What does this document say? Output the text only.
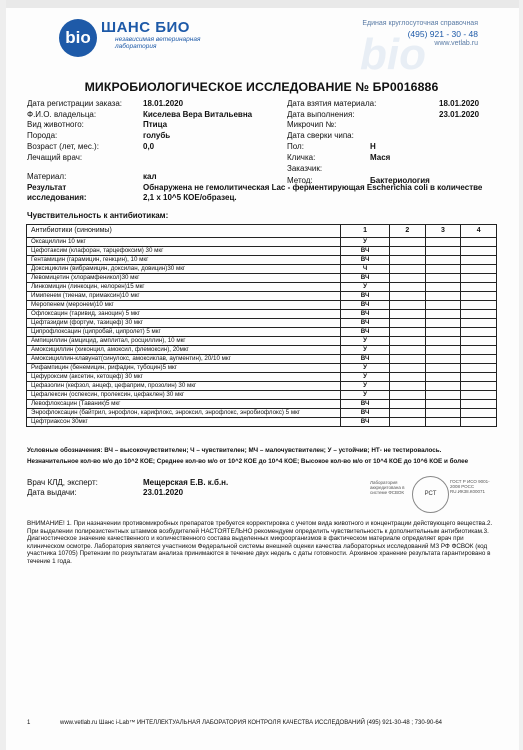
bio
ШАНС БИО
независимая ветеринарная лаборатория	bio
Единая круглосуточная справочная
(495) 921 - 30 - 48
www.vetlab.ru
МИКРОБИОЛОГИЧЕСКОЕ ИССЛЕДОВАНИЕ № БР0016886
Дата регистрации заказа:	18.01.2020
Ф.И.О. владельца:	Киселева Вера Витальевна
Вид животного:	Птица
Порода:	голубь
Возраст (лет, мес.):	0,0
Лечащий врач:
Дата взятия материала:	18.01.2020
Дата выполнения:	23.01.2020
Микрочип №:
Дата сверки чипа:
Пол:	Н
Кличка:	Мася
Заказчик:
Материал:	кал	Метод:	Бактериология
Результат исследования:
Обнаружена не гемолитическая Lac - ферментирующая Escherichia coli в количестве 2,1 х 10^5 КОЕ/образец.
Чувствительность к антибиотикам:
Антибиотики (синонимы)	1	2	3	4
Оксациллин 10 мкг	У			
Цефотаксим (клафоран, тарцефоксим) 30 мкг	ВЧ			
Гентамицин (гарамицин, генкцин), 10 мкг	ВЧ			
Доксициклин (вибрамицин, доксилан, довицин)30 мкг	Ч			
Левомицетин (хлорамфеникол)30 мкг	ВЧ			
Линкомицин (линкоцин, нелорен)15 мкг	У			
Имипенем (тиенам, примаксин)10 мкг	ВЧ			
Меропенем (меронем)10 мкг	ВЧ			
Офлоксацин (таривид, заноцин) 5 мкг	ВЧ			
Цефтазидим (фортум, тазицеф) 30 мкг	ВЧ			
Ципрофлоксацин (ципробай, ципролет) 5 мкг	ВЧ			
Ампициллин (амцицид, амплитал, росциллин), 10 мкг	У			
Амоксициллин (хиконцил, амоксил, флемоксин), 20мкг	У			
Амоксициллин-клавунат(синулокс, амоксиклав, аугментин), 20/10 мкг	ВЧ			
Рифампицин (бенемицин, рифадин, тубоцин)5 мкг	У			
Цефуроксим (аксетин, кетоцеф) 30 мкг	У			
Цефазолин (кефзол, анцеф, цефаприм, прозолин) 30 мкг	У			
Цефалексин (оспексин, пролексин, цефаклен) 30 мкг	У			
Левофлоксацин (Таваник)5 мкг	ВЧ			
Энрофлоксацин (байтрил, энрофлон, карифлокс, энроксил, энрофлокс, энробиофлокс) 5 мкг	ВЧ			
Цефтриаксон 30мкг	ВЧ			
Условные обозначения: ВЧ – высокочувствителен; Ч – чувствителен; МЧ – малочувствителен; У – устойчив; НТ- не тестировалось.
Незначительное кол-во м/о до 10^2 КОЕ; Среднее кол-во м/о от 10^2 КОЕ до 10^4 КОЕ; Высокое кол-во м/о от 10^4 КОЕ до 10^6 КОЕ и более
Врач КЛД, эксперт:	Мещерская Е.В. к.б.н.
Дата выдачи:	23.01.2020
Лаборатория аккредитована в системе ФСВОК	РСТ
ГОСТ Р ИСО 9001-2008 РОСС RU.ИК38.К00071
ВНИМАНИЕ! 1. При назначении противомикробных препаратов требуется корректировка с учетом вида животного и концентрации действующего вещества.2. При выделении полирезистентных штаммов возбудителей НАСТОЯТЕЛЬНО рекомендуем определить чувствительность к дополнительным антибиотикам.3. Диагностическое значение качественного и количественного состава выделенных микроорганизмов в фактическом материале определяет врач при клиническом осмотре. Лаборатория является участником Федеральной системы внешней оценки качества лабораторных исследований МЗ РФ ФСВОК (код участника 10705) Претензии по результатам анализа принимаются в течение двух недель с даты готовности. Архивное хранение результата гарантировано в течение 1 года.
1	www.vetlab.ru Шанс i-Lab™ ИНТЕЛЛЕКТУАЛЬНАЯ ЛАБОРАТОРИЯ КОНТРОЛЯ КАЧЕСТВА ИССЛЕДОВАНИЙ (495) 921-30-48 ; 730-90-64
